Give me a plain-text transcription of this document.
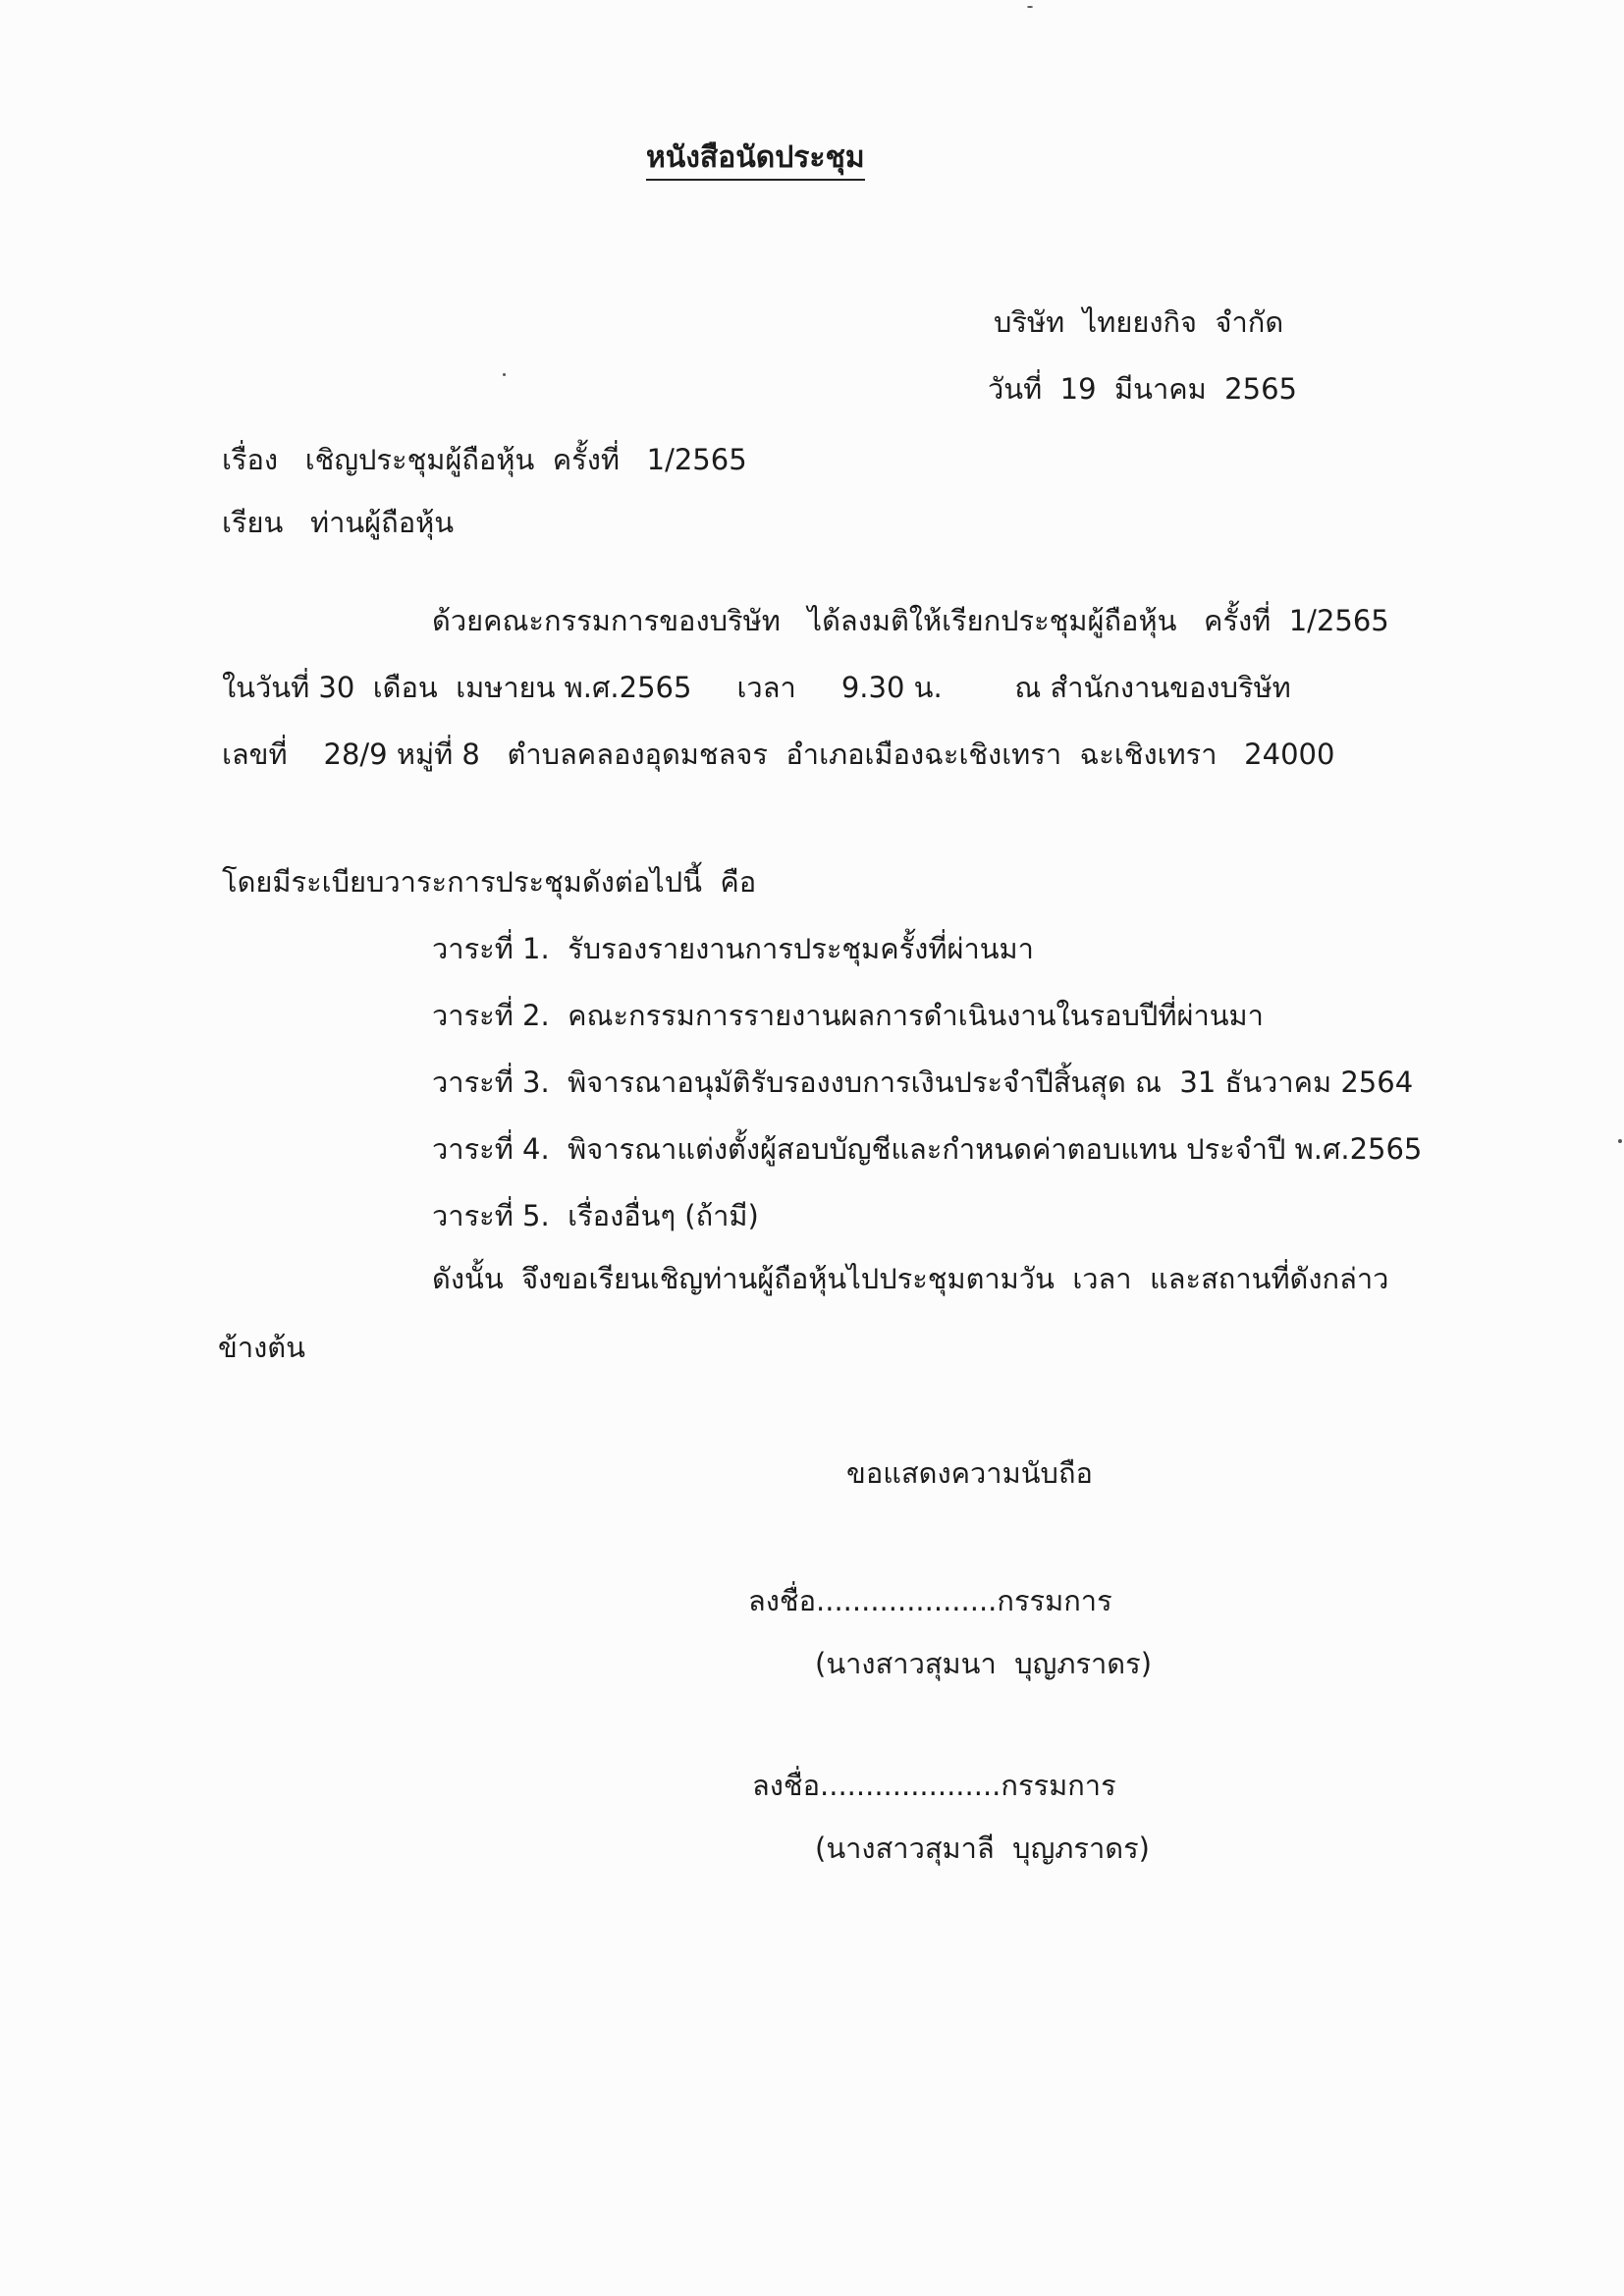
หนังสือนัดประชุม
บริษัท  ไทยยงกิจ  จำกัด
วันที่  19  มีนาคม  2565
เรื่อง   เชิญประชุมผู้ถือหุ้น  ครั้งที่   1/2565
เรียน   ท่านผู้ถือหุ้น
ด้วยคณะกรรมการของบริษัท   ได้ลงมติให้เรียกประชุมผู้ถือหุ้น   ครั้งที่  1/2565
ในวันที่ 30  เดือน  เมษายน พ.ศ.2565     เวลา     9.30 น.        ณ สำนักงานของบริษัท
เลขที่    28/9 หมู่ที่ 8   ตำบลคลองอุดมชลจร  อำเภอเมืองฉะเชิงเทรา  ฉะเชิงเทรา   24000
โดยมีระเบียบวาระการประชุมดังต่อไปนี้  คือ
วาระที่ 1.  รับรองรายงานการประชุมครั้งที่ผ่านมา
วาระที่ 2.  คณะกรรมการรายงานผลการดำเนินงานในรอบปีที่ผ่านมา
วาระที่ 3.  พิจารณาอนุมัติรับรองงบการเงินประจำปีสิ้นสุด ณ  31 ธันวาคม 2564
วาระที่ 4.  พิจารณาแต่งตั้งผู้สอบบัญชีและกำหนดค่าตอบแทน ประจำปี พ.ศ.2565
วาระที่ 5.  เรื่องอื่นๆ (ถ้ามี)
ดังนั้น  จึงขอเรียนเชิญท่านผู้ถือหุ้นไปประชุมตามวัน  เวลา  และสถานที่ดังกล่าว
ข้างต้น
ขอแสดงความนับถือ
ลงชื่อ....................กรรมการ
(นางสาวสุมนา  บุญภราดร)
ลงชื่อ....................กรรมการ
(นางสาวสุมาลี  บุญภราดร)
